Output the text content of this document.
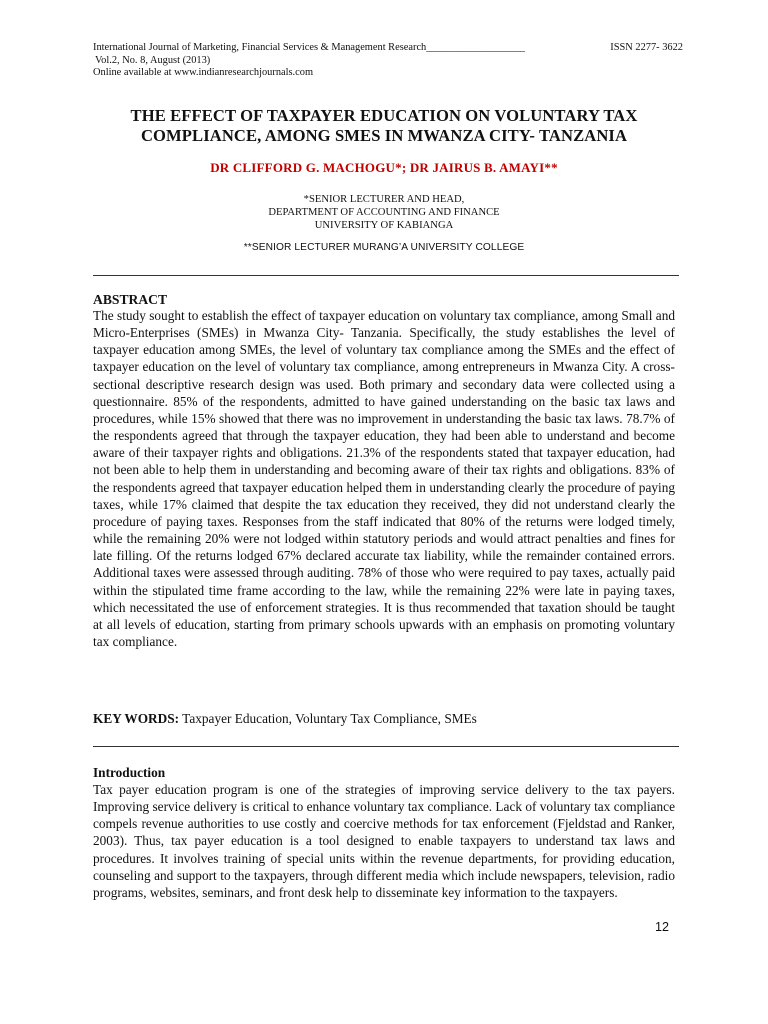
International Journal of Marketing, Financial Services & Management Research___________________	ISSN 2277- 3622
Vol.2, No. 8, August (2013)
Online available at www.indianresearchjournals.com
THE EFFECT OF TAXPAYER EDUCATION ON VOLUNTARY TAX
COMPLIANCE, AMONG SMES IN MWANZA CITY- TANZANIA
DR CLIFFORD G. MACHOGU*; DR JAIRUS B. AMAYI**
*SENIOR LECTURER AND HEAD,
DEPARTMENT OF ACCOUNTING AND FINANCE
UNIVERSITY OF KABIANGA
**SENIOR LECTURER MURANG’A UNIVERSITY COLLEGE
ABSTRACT
The study sought to establish the effect of taxpayer education on voluntary tax compliance, among Small and Micro-Enterprises (SMEs) in Mwanza City- Tanzania. Specifically, the study establishes the level of taxpayer education among SMEs, the level of voluntary tax compliance among the SMEs and the effect of taxpayer education on the level of voluntary tax compliance, among entrepreneurs in Mwanza City. A cross-sectional descriptive research design was used. Both primary and secondary data were collected using a questionnaire. 85% of the respondents, admitted to have gained understanding on the basic tax laws and procedures, while 15% showed that there was no improvement in understanding the basic tax laws. 78.7% of the respondents agreed that through the taxpayer education, they had been able to understand and become aware of their taxpayer rights and obligations. 21.3% of the respondents stated that taxpayer education, had not been able to help them in understanding and becoming aware of their tax rights and obligations. 83% of the respondents agreed that taxpayer education helped them in understanding clearly the procedure of paying taxes, while 17% claimed that despite the tax education they received, they did not understand clearly the procedure of paying taxes. Responses from the staff indicated that 80% of the returns were lodged timely, while the remaining 20% were not lodged within statutory periods and would attract penalties and fines for late filling. Of the returns lodged 67% declared accurate tax liability, while the remainder contained errors. Additional taxes were assessed through auditing. 78% of those who were required to pay taxes, actually paid within the stipulated time frame according to the law, while the remaining 22% were late in paying taxes, which necessitated the use of enforcement strategies. It is thus recommended that taxation should be taught at all levels of education, starting from primary schools upwards with an emphasis on promoting voluntary tax compliance.
KEY WORDS: Taxpayer Education, Voluntary Tax Compliance, SMEs
Introduction
Tax payer education program is one of the strategies of improving service delivery to the tax payers. Improving service delivery is critical to enhance voluntary tax compliance. Lack of voluntary tax compliance compels revenue authorities to use costly and coercive methods for tax enforcement (Fjeldstad and Ranker, 2003). Thus, tax payer education is a tool designed to enable taxpayers to understand tax laws and procedures. It involves training of special units within the revenue departments, for providing education, counseling and support to the taxpayers, through different media which include newspapers, television, radio programs, websites, seminars, and front desk help to disseminate key information to the taxpayers.
12
